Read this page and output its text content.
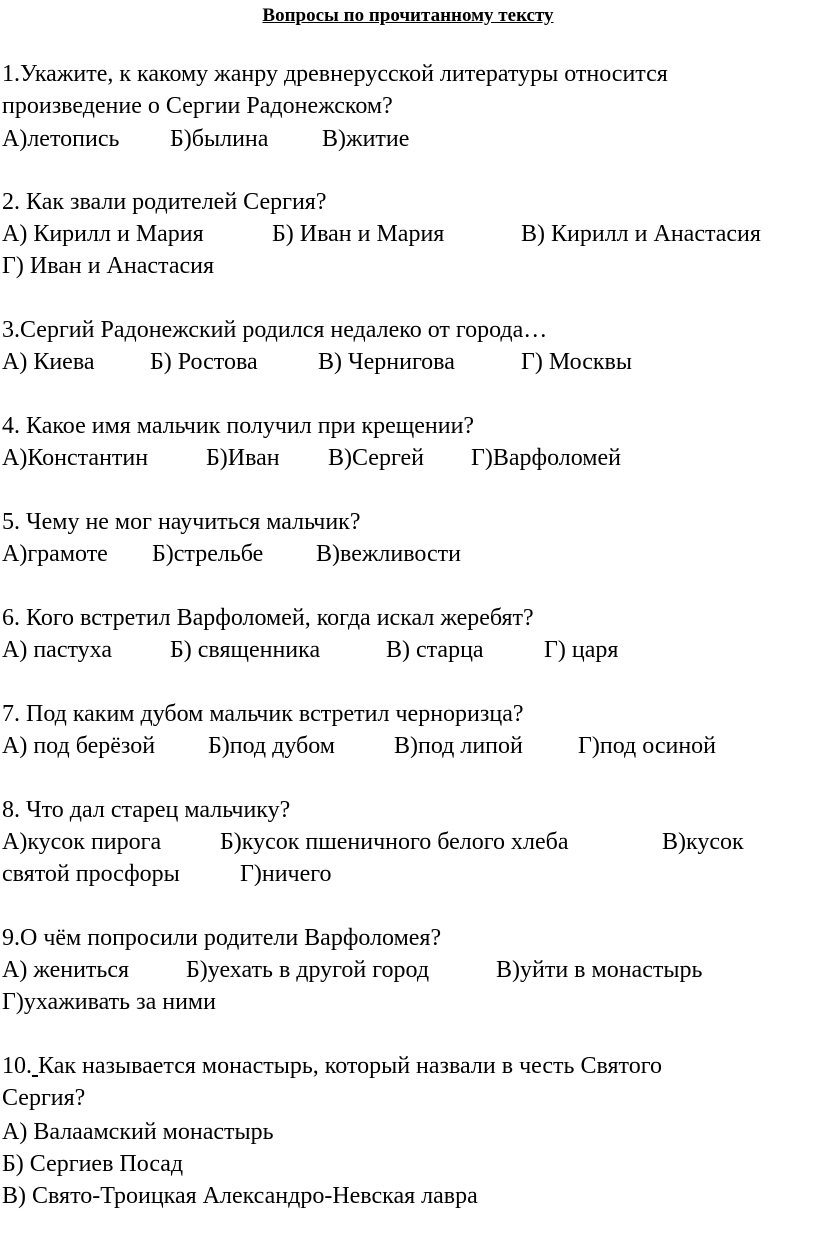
Вопросы по прочитанному тексту
1.Укажите, к какому жанру древнерусской литературы относится
произведение о Сергии Радонежском?
А)летопись Б)былина В)житие
2. Как звали родителей Сергия?
А) Кирилл и Мария	Б) Иван и Мария	В) Кирилл и Анастасия
Г) Иван и Анастасия
3.Сергий Радонежский родился недалеко от города…
А) Киева Б) Ростова	В) Чернигова	Г) Москвы
4. Какое имя мальчик получил при крещении?
А)Константин Б)Иван В)Сергей Г)Варфоломей
5. Чему не мог научиться мальчик?
А)грамоте Б)стрельбе В)вежливости
6. Кого встретил Варфоломей, когда искал жеребят?
А) пастуха Б) священника	В) старца	Г) царя
7. Под каким дубом мальчик встретил черноризца?
А) под берёзой Б)под дубом В)под липой Г)под осиной
8. Что дал старец мальчику?
А)кусок пирога Б)кусок пшеничного белого хлеба	В)кусок
Г)ничего
9.О чём попросили родители Варфоломея?
А) жениться Б)уехать в другой город	В)уйти в монастырь
Г)ухаживать за ними
10. Как называется монастырь, который назвали в честь Святого
Сергия?
А) Валаамский монастырь
Б) Сергиев Посад
В) Свято-Троицкая Александро-Невская лавра
святой просфоры
